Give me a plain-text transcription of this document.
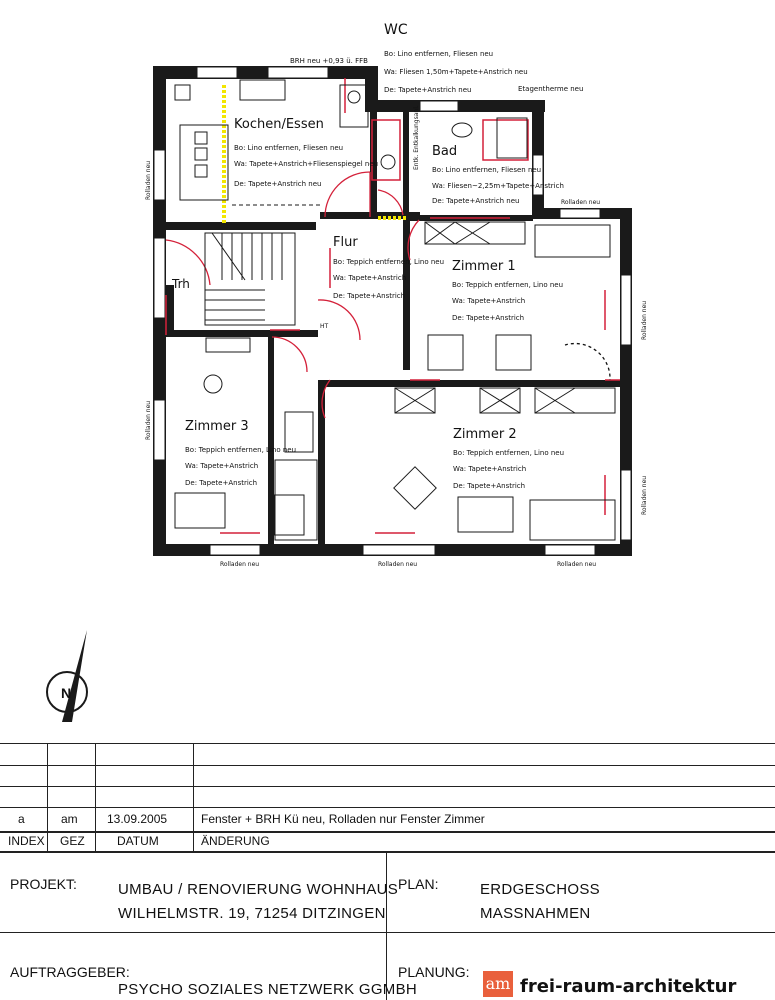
WC
Bo: Lino entfernen, Fliesen neu
Wa: Fliesen 1,50m+Tapete+Anstrich neu
De: Tapete+Anstrich neu
BRH neu +0,93 ü. FFB
Etagentherme neu
Kochen/Essen
Bo: Lino entfernen, Fliesen neu
Wa: Tapete+Anstrich+Fliesenspiegel neu
De: Tapete+Anstrich neu
Bad
Bo: Lino entfernen, Fliesen neu
Wa: Fliesen~2,25m+Tapete+Anstrich
De: Tapete+Anstrich neu
Entk. Entkalkungsanl.
Flur
Bo: Teppich entfernen, Lino neu
Wa: Tapete+Anstrich
De: Tapete+Anstrich
HT
Zimmer 1
Bo: Teppich entfernen, Lino neu
Wa: Tapete+Anstrich
De: Tapete+Anstrich
Zimmer 2
Bo: Teppich entfernen, Lino neu
Wa: Tapete+Anstrich
De: Tapete+Anstrich
Zimmer 3
Bo: Teppich entfernen, Lino neu
Wa: Tapete+Anstrich
De: Tapete+Anstrich
Trh
Rolladen neu
Rolladen neu
Rolladen neu
Rolladen neu
Rolladen neu
Rolladen neu	Rolladen neu	Rolladen neu
N
a	am 13.09.2005	Fenster + BRH Kü neu, Rolladen nur Fenster Zimmer
INDEX GEZ	DATUM	ÄNDERUNG
PROJEKT:	UMBAU / RENOVIERUNG WOHNHAUS
WILHELMSTR. 19, 71254 DITZINGEN
PLAN:	ERDGESCHOSS
MASSNAHMEN
AUFTRAGGEBER:
PSYCHO SOZIALES NETZWERK GGMBH
PLANUNG:
am frei-raum-architektur
